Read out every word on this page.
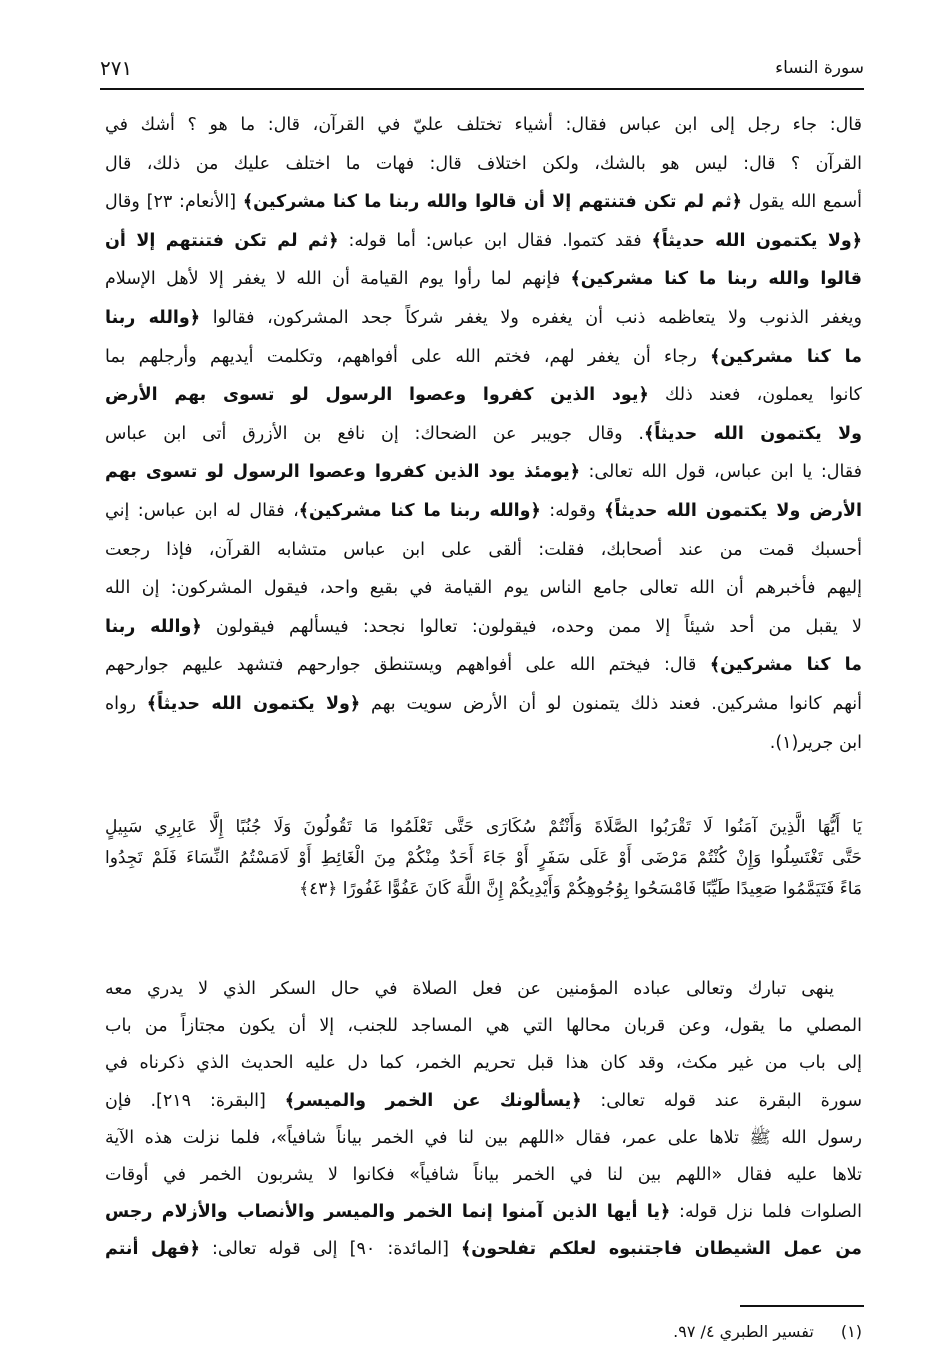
سورة النساء
٢٧١
قال: جاء رجل إلى ابن عباس فقال: أشياء تختلف عليّ في القرآن، قال: ما هو ؟ أشك في
القرآن ؟ قال: ليس هو بالشك، ولكن اختلاف قال: فهات ما اختلف عليك من ذلك، قال
أسمع الله يقول ﴿ثم لم تكن فتنتهم إلا أن قالوا والله ربنا ما كنا مشركين﴾ [الأنعام: ٢٣] وقال
﴿ولا يكتمون الله حديثاً﴾ فقد كتموا. فقال ابن عباس: أما قوله: ﴿ثم لم تكن فتنتهم إلا أن
قالوا والله ربنا ما كنا مشركين﴾ فإنهم لما رأوا يوم القيامة أن الله لا يغفر إلا لأهل الإسلام
ويغفر الذنوب ولا يتعاظمه ذنب أن يغفره ولا يغفر شركاً جحد المشركون، فقالوا ﴿والله ربنا
ما كنا مشركين﴾ رجاء أن يغفر لهم، فختم الله على أفواههم، وتكلمت أيديهم وأرجلهم بما
كانوا يعملون، فعند ذلك ﴿يود الذين كفروا وعصوا الرسول لو تسوى بهم الأرض
ولا يكتمون الله حديثاً﴾. وقال جويبر عن الضحاك: إن نافع بن الأزرق أتى ابن عباس
فقال: يا ابن عباس، قول الله تعالى: ﴿يومئذ يود الذين كفروا وعصوا الرسول لو تسوى بهم
الأرض ولا يكتمون الله حديثاً﴾ وقوله: ﴿والله ربنا ما كنا مشركين﴾، فقال له ابن عباس: إني
أحسبك قمت من عند أصحابك، فقلت: ألقى على ابن عباس متشابه القرآن، فإذا رجعت
إليهم فأخبرهم أن الله تعالى جامع الناس يوم القيامة في بقيع واحد، فيقول المشركون: إن الله
لا يقبل من أحد شيئاً إلا ممن وحده، فيقولون: تعالوا نجحد: فيسألهم فيقولون ﴿والله ربنا
ما كنا مشركين﴾ قال: فيختم الله على أفواههم ويستنطق جوارحهم فتشهد عليهم جوارحهم
أنهم كانوا مشركين. فعند ذلك يتمنون لو أن الأرض سويت بهم ﴿ولا يكتمون الله حديثاً﴾ رواه
ابن جرير(١).
يَا أَيُّهَا الَّذِينَ آمَنُوا لَا تَقْرَبُوا الصَّلَاةَ وَأَنْتُمْ سُكَارَى حَتَّى تَعْلَمُوا مَا تَقُولُونَ وَلَا جُنُبًا إِلَّا عَابِرِي سَبِيلٍ
حَتَّى تَغْتَسِلُوا وَإِنْ كُنْتُمْ مَرْضَى أَوْ عَلَى سَفَرٍ أَوْ جَاءَ أَحَدٌ مِنْكُمْ مِنَ الْغَائِطِ أَوْ لَامَسْتُمُ النِّسَاءَ فَلَمْ تَجِدُوا
مَاءً فَتَيَمَّمُوا صَعِيدًا طَيِّبًا فَامْسَحُوا بِوُجُوهِكُمْ وَأَيْدِيكُمْ إِنَّ اللَّهَ كَانَ عَفُوًّا غَفُورًا ﴿٤٣﴾
ينهى تبارك وتعالى عباده المؤمنين عن فعل الصلاة في حال السكر الذي لا يدري معه
المصلي ما يقول، وعن قربان محالها التي هي المساجد للجنب، إلا أن يكون مجتازاً من باب
إلى باب من غير مكث، وقد كان هذا قبل تحريم الخمر، كما دل عليه الحديث الذي ذكرناه في
سورة البقرة عند قوله تعالى: ﴿يسألونك عن الخمر والميسر﴾ [البقرة: ٢١٩]. فإن
رسول الله ﷺ تلاها على عمر، فقال «اللهم بين لنا في الخمر بياناً شافياً»، فلما نزلت هذه الآية
تلاها عليه فقال «اللهم بين لنا في الخمر بياناً شافياً» فكانوا لا يشربون الخمر في أوقات
الصلوات فلما نزل قوله: ﴿يا أيها الذين آمنوا إنما الخمر والميسر والأنصاب والأزلام رجس
من عمل الشيطان فاجتنبوه لعلكم تفلحون﴾ [المائدة: ٩٠] إلى قوله تعالى: ﴿فهل أنتم
(١) تفسير الطبري ٤/ ٩٧.
